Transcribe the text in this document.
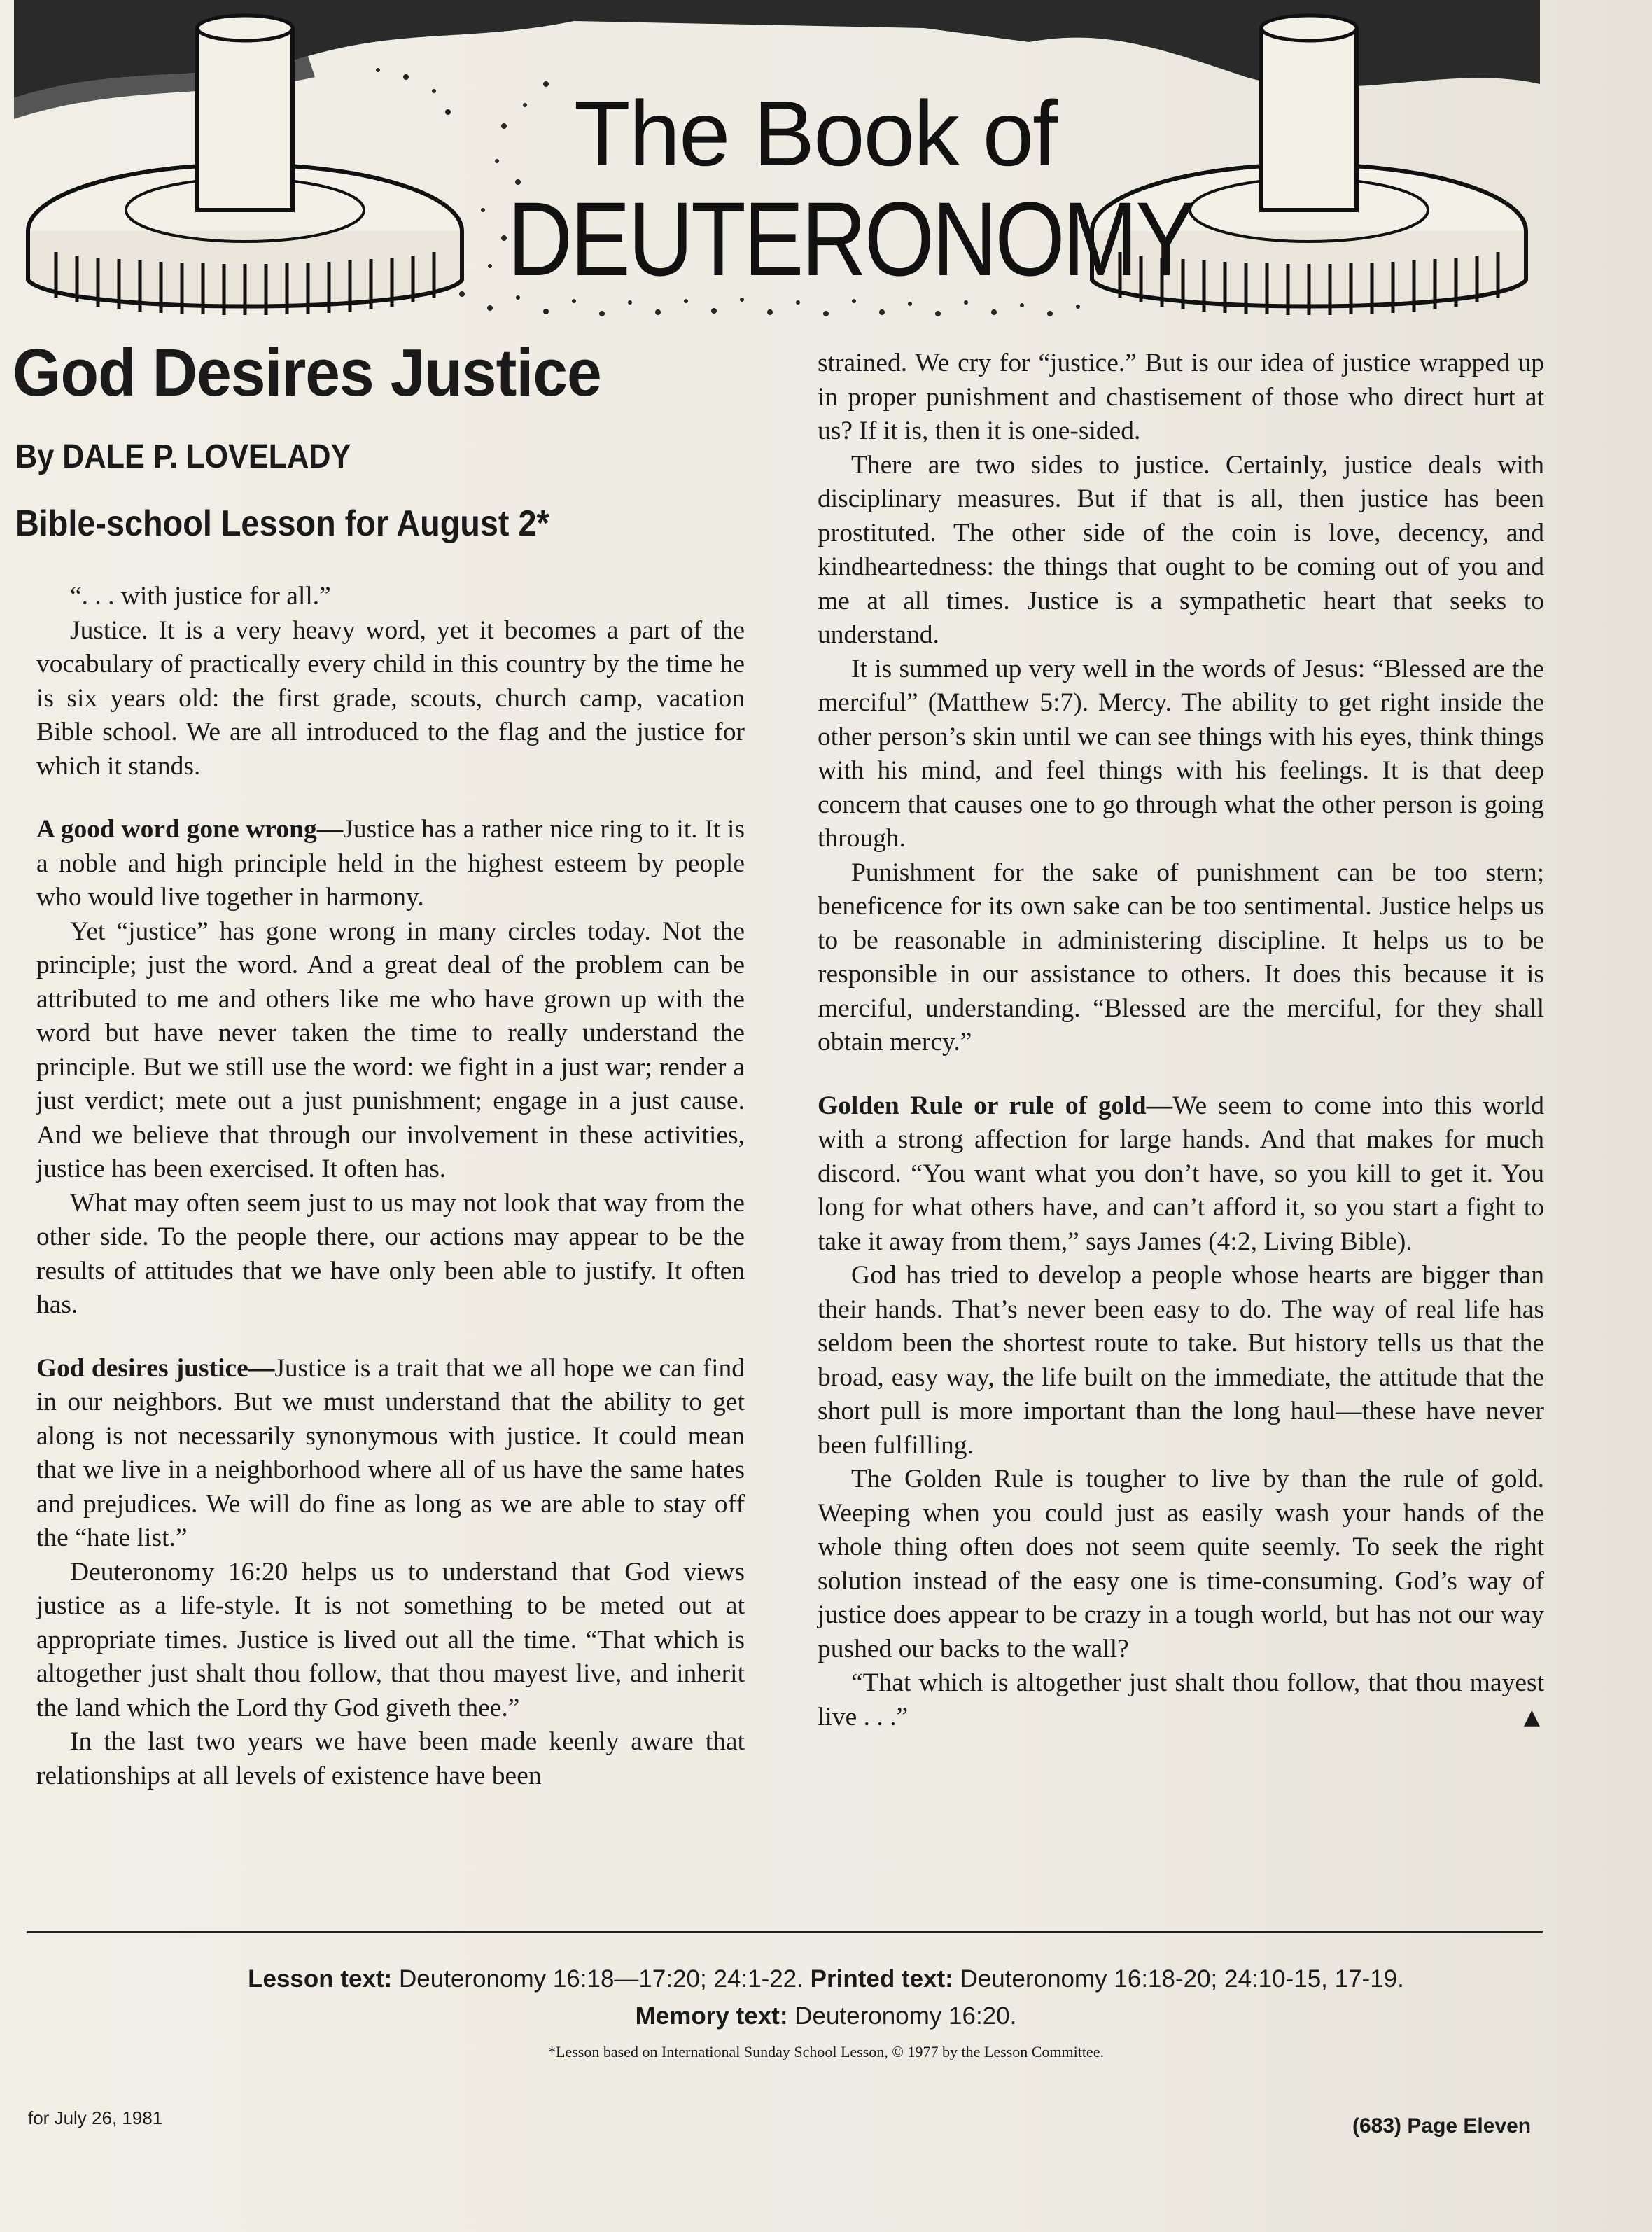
The Book of
DEUTERONOMY
God Desires Justice
By DALE P. LOVELADY
Bible-school Lesson for August 2*

“. . . with justice for all.”

Justice. It is a very heavy word, yet it becomes a part of the vocabulary of practically every child in this country by the time he is six years old: the first grade, scouts, church camp, vacation Bible school. We are all introduced to the flag and the justice for which it stands.

A good word gone wrong—Justice has a rather nice ring to it. It is a noble and high principle held in the highest esteem by people who would live together in harmony.

Yet “justice” has gone wrong in many circles today. Not the principle; just the word. And a great deal of the problem can be attributed to me and others like me who have grown up with the word but have never taken the time to really understand the principle. But we still use the word: we fight in a just war; render a just verdict; mete out a just punishment; engage in a just cause. And we believe that through our involvement in these activities, justice has been exercised. It often has.

What may often seem just to us may not look that way from the other side. To the people there, our actions may appear to be the results of attitudes that we have only been able to justify. It often has.

God desires justice—Justice is a trait that we all hope we can find in our neighbors. But we must understand that the ability to get along is not necessarily synonymous with justice. It could mean that we live in a neighborhood where all of us have the same hates and prejudices. We will do fine as long as we are able to stay off the “hate list.”

Deuteronomy 16:20 helps us to understand that God views justice as a life-style. It is not something to be meted out at appropriate times. Justice is lived out all the time. “That which is altogether just shalt thou follow, that thou mayest live, and inherit the land which the Lord thy God giveth thee.”

In the last two years we have been made keenly aware that relationships at all levels of existence have been

strained. We cry for “justice.” But is our idea of justice wrapped up in proper punishment and chastisement of those who direct hurt at us? If it is, then it is one-sided.

There are two sides to justice. Certainly, justice deals with disciplinary measures. But if that is all, then justice has been prostituted. The other side of the coin is love, decency, and kindheartedness: the things that ought to be coming out of you and me at all times. Justice is a sympathetic heart that seeks to understand.

It is summed up very well in the words of Jesus: “Blessed are the merciful” (Matthew 5:7). Mercy. The ability to get right inside the other person’s skin until we can see things with his eyes, think things with his mind, and feel things with his feelings. It is that deep concern that causes one to go through what the other person is going through.

Punishment for the sake of punishment can be too stern; beneficence for its own sake can be too sentimental. Justice helps us to be reasonable in administering discipline. It helps us to be responsible in our assistance to others. It does this because it is merciful, understanding. “Blessed are the merciful, for they shall obtain mercy.”

Golden Rule or rule of gold—We seem to come into this world with a strong affection for large hands. And that makes for much discord. “You want what you don’t have, so you kill to get it. You long for what others have, and can’t afford it, so you start a fight to take it away from them,” says James (4:2, Living Bible).

God has tried to develop a people whose hearts are bigger than their hands. That’s never been easy to do. The way of real life has seldom been the shortest route to take. But history tells us that the broad, easy way, the life built on the immediate, the attitude that the short pull is more important than the long haul—these have never been fulfilling.

The Golden Rule is tougher to live by than the rule of gold. Weeping when you could just as easily wash your hands of the whole thing often does not seem quite seemly. To seek the right solution instead of the easy one is time-consuming. God’s way of justice does appear to be crazy in a tough world, but has not our way pushed our backs to the wall?

“That which is altogether just shalt thou follow, that thou mayest live . . .”	▲

Lesson text: Deuteronomy 16:18—17:20; 24:1-22. Printed text: Deuteronomy 16:18-20; 24:10-15, 17-19.
Memory text: Deuteronomy 16:20.
*Lesson based on International Sunday School Lesson, © 1977 by the Lesson Committee.
for July 26, 1981	(683) Page Eleven
